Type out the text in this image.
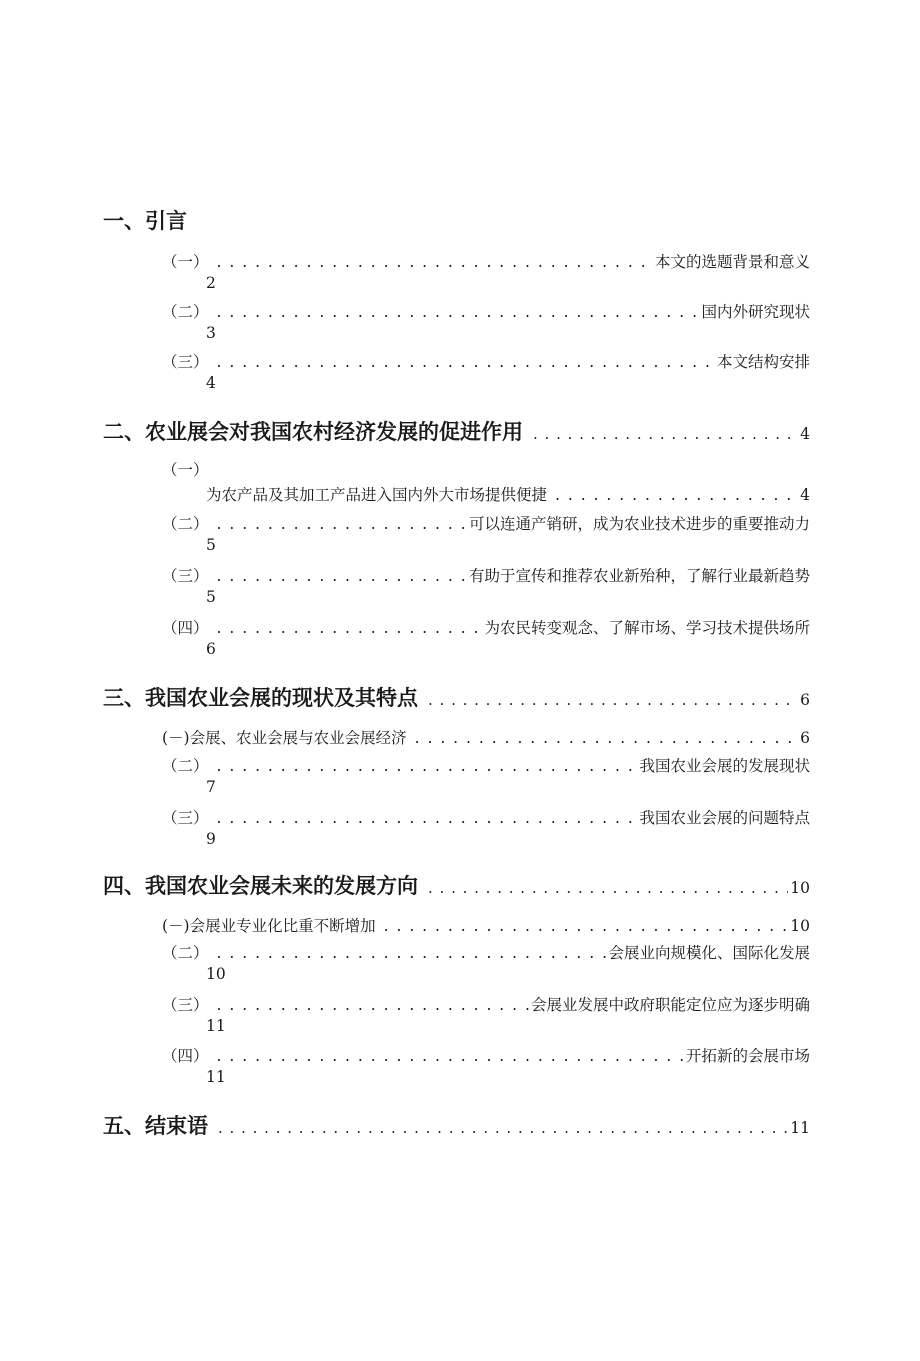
一、引言
（一） . . .	本文的选题背景和意义
2
（二） . . .	国内外研究现状
3
（三） . . .	本文结构安排
4
二、农业展会对我国农村经济发展的促进作用 . . .	4
（一）
为农产品及其加工产品进入国内外大市场提供便捷 . . .	4
（二） . . .	可以连通产销研，成为农业技术进步的重要推动力
5
（三） . . .	有助于宣传和推荐农业新殆种，了解行业最新趋势
5
（四） . . .	为农民转变观念、了解市场、学习技术提供场所
6
三、我国农业会展的现状及其特点 . . .	6
(－) 会展、农业会展与农业会展经济 . . .	6
（二） . . .	我国农业会展的发展现状
7
（三） . . .	我国农业会展的问题特点
9
四、我国农业会展未来的发展方向 . . .	10
(－) 会展业专业化比重不断增加 . . .	10
（二） . . .	会展业向规模化、国际化发展
10
（三） . . .	会展业发展中政府职能定位应为逐步明确
11
（四） . . .	开拓新的会展市场
11
五、结束语 . . .	11
